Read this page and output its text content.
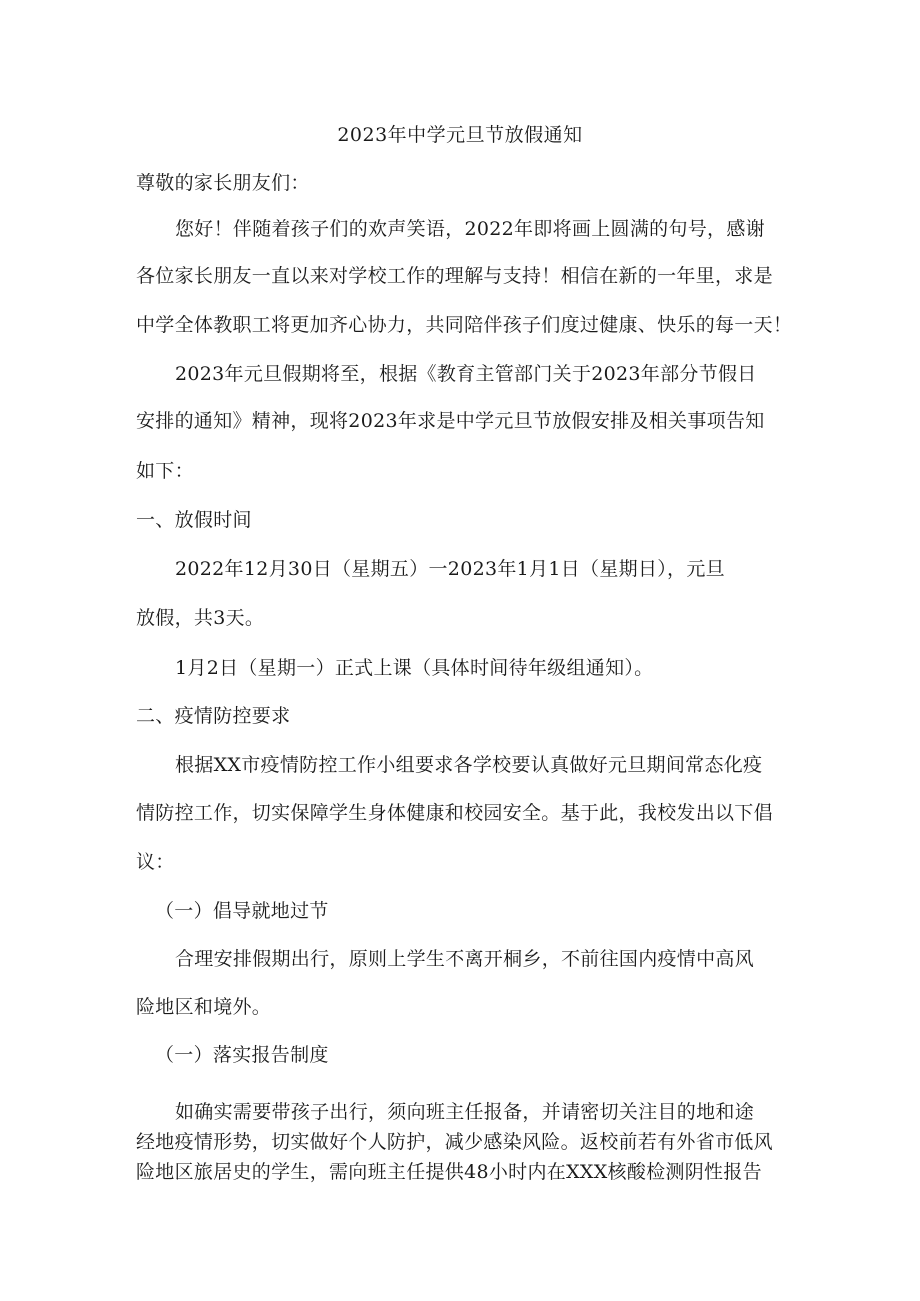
2023年中学元旦节放假通知
尊敬的家长朋友们：
您好！伴随着孩子们的欢声笑语，2022年即将画上圆满的句号，感谢
各位家长朋友一直以来对学校工作的理解与支持！相信在新的一年里，求是
中学全体教职工将更加齐心协力，共同陪伴孩子们度过健康、快乐的每一天！
2023年元旦假期将至，根据《教育主管部门关于2023年部分节假日
安排的通知》精神，现将2023年求是中学元旦节放假安排及相关事项告知
如下：
一、放假时间
2022年12月30日（星期五）一2023年1月1日（星期日），元旦
放假，共3天。
1月2日（星期一）正式上课（具体时间待年级组通知）。
二、疫情防控要求
根据XX市疫情防控工作小组要求各学校要认真做好元旦期间常态化疫
情防控工作，切实保障学生身体健康和校园安全。基于此，我校发出以下倡
议：
（一）倡导就地过节
合理安排假期出行，原则上学生不离开桐乡，不前往国内疫情中高风
险地区和境外。
（一）落实报告制度
如确实需要带孩子出行，须向班主任报备，并请密切关注目的地和途
经地疫情形势，切实做好个人防护，减少感染风险。返校前若有外省市低风
险地区旅居史的学生，需向班主任提供48小时内在XXX核酸检测阴性报告
